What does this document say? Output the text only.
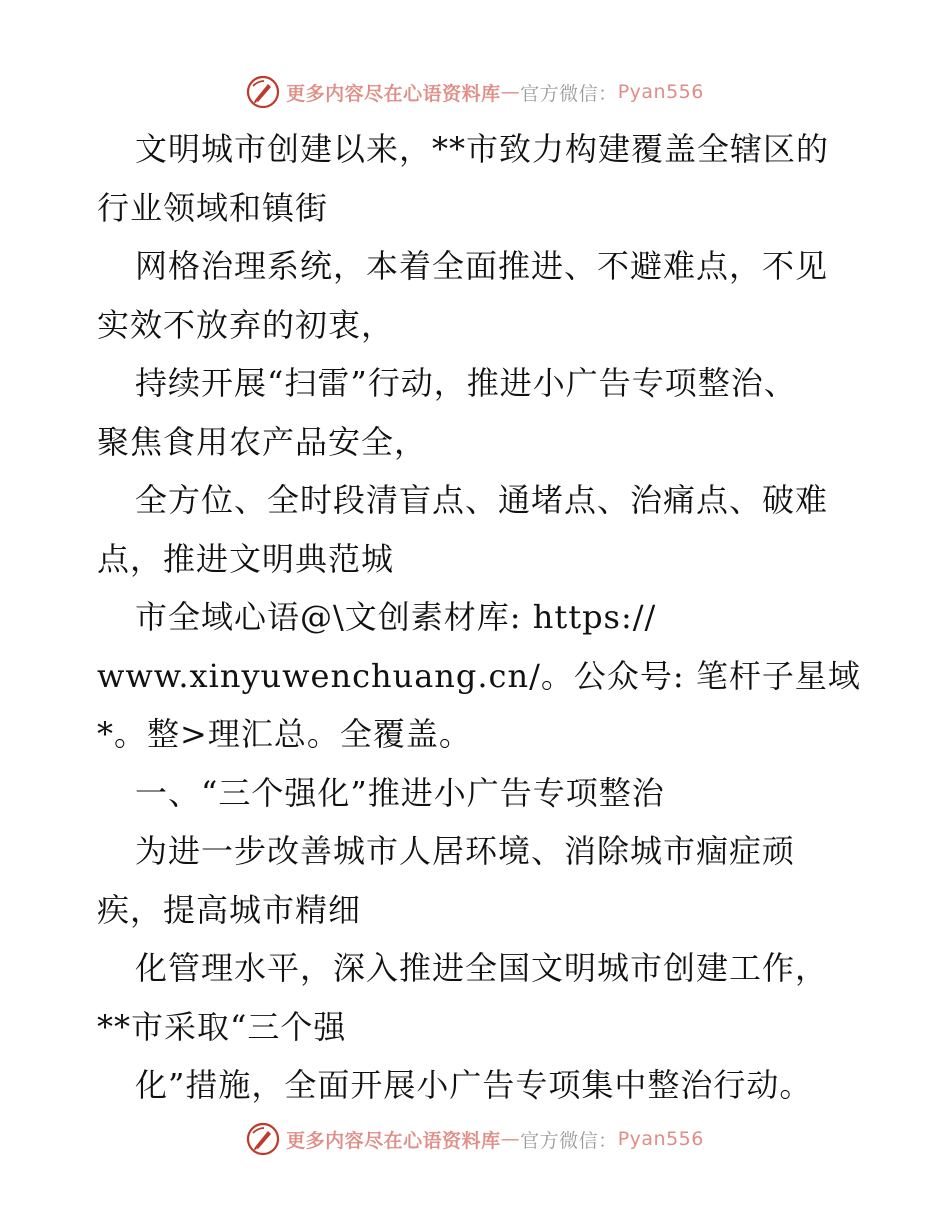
更多内容尽在心语资料库 — 官方微信： Pyan556
文明城市创建以来，**市致力构建覆盖全辖区的
行业领域和镇街
网格治理系统，本着全面推进、不避难点，不见
实效不放弃的初衷，
持续开展“扫雷”行动，推进小广告专项整治、
聚焦食用农产品安全，
全方位、全时段清盲点、通堵点、治痛点、破难
点，推进文明典范城
市全域心语@\文创素材库: https://
www.xinyuwenchuang.cn/。公众号: 笔杆子星域
*。整>理汇总。全覆盖。
一、“三个强化”推进小广告专项整治
为进一步改善城市人居环境、消除城市痼症顽
疾，提高城市精细
化管理水平，深入推进全国文明城市创建工作，
**市采取“三个强
化”措施，全面开展小广告专项集中整治行动。
更多内容尽在心语资料库 — 官方微信： Pyan556
